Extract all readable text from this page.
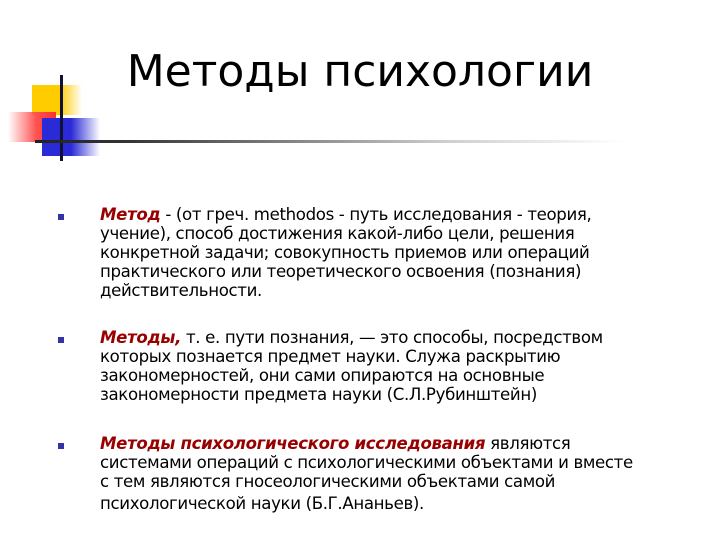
Методы психологии
Метод - (от греч. methodos - путь исследования - теория,
учение), способ достижения какой-либо цели, решения
конкретной задачи; совокупность приемов или операций
практического или теоретического освоения (познания)
действительности.
Методы, т. е. пути познания, — это способы, посредством
которых познается предмет науки. Служа раскрытию
закономерностей, они сами опираются на основные
закономерности предмета науки (С.Л.Рубинштейн)
Методы психологического исследования являются
системами операций с психологическими объектами и вместе
с тем являются гносеологическими объектами самой
психологической науки (Б.Г.Ананьев).
